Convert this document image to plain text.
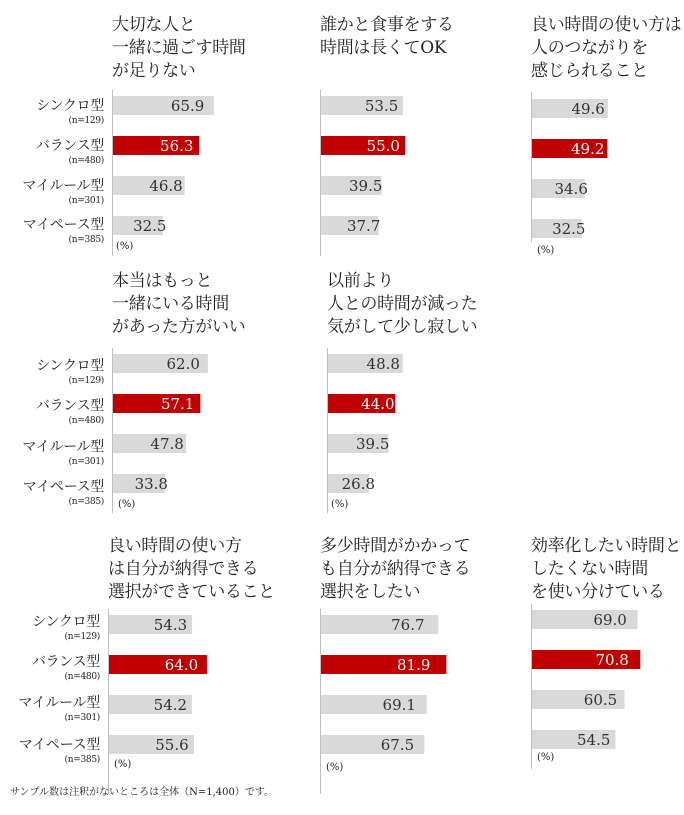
大切な人と
一緒に過ごす時間
が足りない
65.9
56.3
46.8
32.5
(%)
誰かと食事をする
時間は長くてOK
53.5
55.0
39.5
37.7
良い時間の使い方は
人のつながりを
感じられること
49.6
49.2
34.6
32.5
(%)
本当はもっと
一緒にいる時間
があった方がいい
62.0
57.1
47.8
33.8
(%)
以前より
人との時間が減った
気がして少し寂しい
48.8
44.0
39.5
26.8
(%)
良い時間の使い方
は自分が納得できる
選択ができていること
54.3
64.0
54.2
55.6
(%)
多少時間がかかって
も自分が納得できる
選択をしたい
76.7
81.9
69.1
67.5
(%)
効率化したい時間と
したくない時間
を使い分けている
69.0
70.8
60.5
54.5
(%)
シンクロ型
(n=129)
バランス型
(n=480)
マイルール型
(n=301)
マイペース型
(n=385)
シンクロ型
(n=129)
バランス型
(n=480)
マイルール型
(n=301)
マイペース型
(n=385)
シンクロ型
(n=129)
バランス型
(n=480)
マイルール型
(n=301)
マイペース型
(n=385)
サンプル数は注釈がないところは全体（N=1,400）です。
